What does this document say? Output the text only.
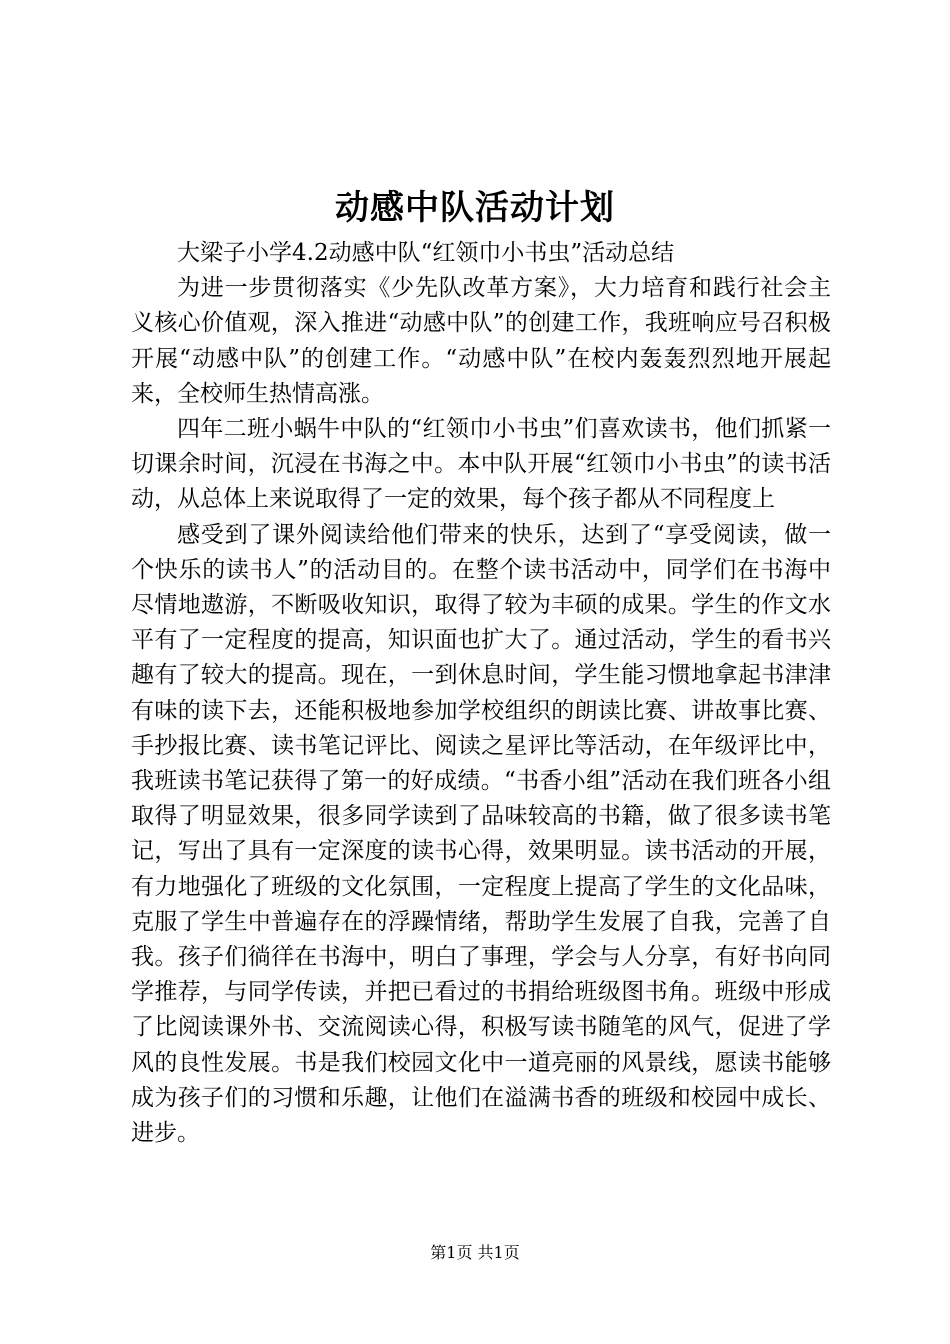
动感中队活动计划

大梁子小学4.2动感中队“红领巾小书虫”活动总结

为进一步贯彻落实《少先队改革方案》，大力培育和践行社会主义核心价值观，深入推进“动感中队”的创建工作，我班响应号召积极开展“动感中队”的创建工作。“动感中队”在校内轰轰烈烈地开展起来，全校师生热情高涨。

四年二班小蜗牛中队的“红领巾小书虫”们喜欢读书，他们抓紧一切课余时间，沉浸在书海之中。本中队开展“红领巾小书虫”的读书活动，从总体上来说取得了一定的效果，每个孩子都从不同程度上

感受到了课外阅读给他们带来的快乐，达到了“享受阅读，做一个快乐的读书人”的活动目的。在整个读书活动中，同学们在书海中尽情地遨游，不断吸收知识，取得了较为丰硕的成果。学生的作文水平有了一定程度的提高，知识面也扩大了。通过活动，学生的看书兴趣有了较大的提高。现在，一到休息时间，学生能习惯地拿起书津津有味的读下去，还能积极地参加学校组织的朗读比赛、讲故事比赛、手抄报比赛、读书笔记评比、阅读之星评比等活动，在年级评比中，我班读书笔记获得了第一的好成绩。“书香小组”活动在我们班各小组取得了明显效果，很多同学读到了品味较高的书籍，做了很多读书笔记，写出了具有一定深度的读书心得，效果明显。读书活动的开展，有力地强化了班级的文化氛围，一定程度上提高了学生的文化品味，克服了学生中普遍存在的浮躁情绪，帮助学生发展了自我，完善了自我。孩子们徜徉在书海中，明白了事理，学会与人分享，有好书向同学推荐，与同学传读，并把已看过的书捐给班级图书角。班级中形成了比阅读课外书、交流阅读心得，积极写读书随笔的风气，促进了学风的良性发展。书是我们校园文化中一道亮丽的风景线，愿读书能够成为孩子们的习惯和乐趣，让他们在溢满书香的班级和校园中成长、进步。

第1页 共1页
